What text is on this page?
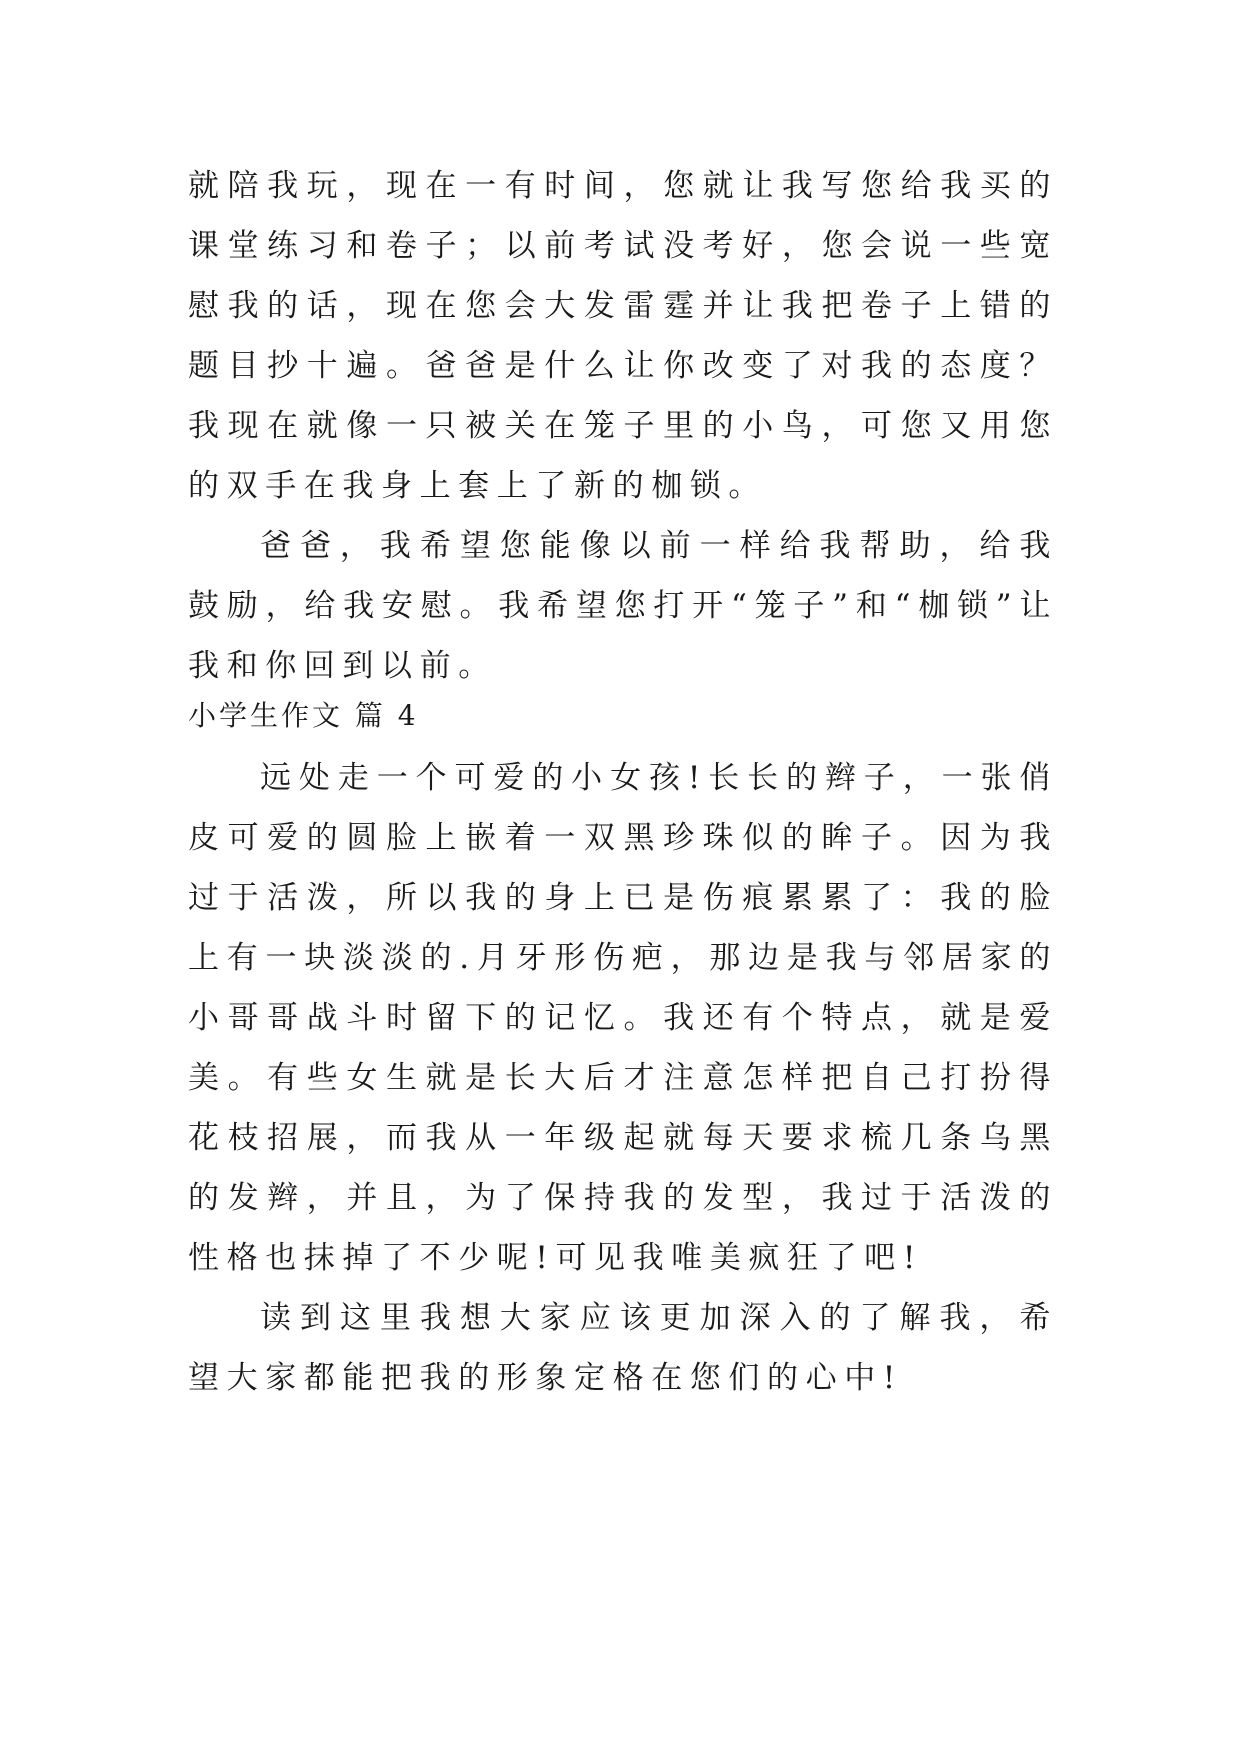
就陪我玩，现在一有时间，您就让我写您给我买的课堂练习和卷子；以前考试没考好，您会说一些宽慰我的话，现在您会大发雷霆并让我把卷子上错的题目抄十遍。爸爸是什么让你改变了对我的态度？我现在就像一只被关在笼子里的小鸟，可您又用您的双手在我身上套上了新的枷锁。

爸爸，我希望您能像以前一样给我帮助，给我鼓励，给我安慰。我希望您打开“笼子”和“枷锁”让我和你回到以前。

小学生作文 篇 4

远处走一个可爱的小女孩!长长的辫子，一张俏皮可爱的圆脸上嵌着一双黑珍珠似的眸子。因为我过于活泼，所以我的身上已是伤痕累累了：我的脸上有一块淡淡的.月牙形伤疤，那边是我与邻居家的小哥哥战斗时留下的记忆。我还有个特点，就是爱美。有些女生就是长大后才注意怎样把自己打扮得花枝招展，而我从一年级起就每天要求梳几条乌黑的发辫，并且，为了保持我的发型，我过于活泼的性格也抹掉了不少呢!可见我唯美疯狂了吧!

读到这里我想大家应该更加深入的了解我，希望大家都能把我的形象定格在您们的心中!
